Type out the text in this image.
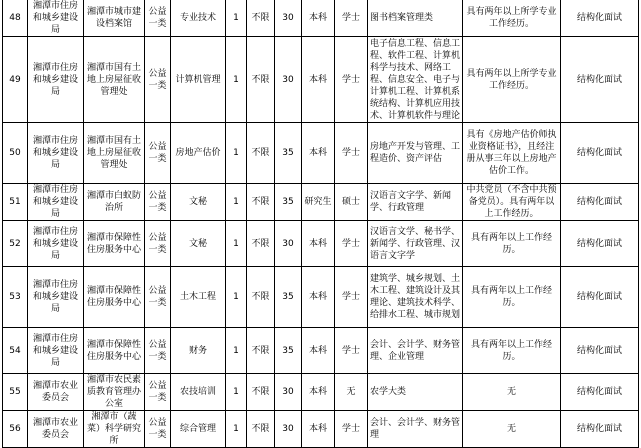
48	湘潭市住房和城乡建设局	湘潭市城市建设档案馆	公益一类	专业技术	1	不限	30	本科	学士	图书档案管理类	具有两年以上所学专业工作经历。	结构化面试
49	湘潭市住房和城乡建设局	湘潭市国有土地上房屋征收管理处	公益一类	计算机管理	1	不限	30	本科	学士	电子信息工程、信息工程、软件工程、计算机科学与技术、网络工程、信息安全、电子与计算机工程、计算机系统结构、计算机应用技术、计算机软件与理论	具有两年以上所学专业工作经历。	结构化面试
50	湘潭市住房和城乡建设局	湘潭市国有土地上房屋征收管理处	公益一类	房地产估价	1	不限	35	本科	学士	房地产开发与管理、工程造价、资产评估	具有《房地产估价师执业资格证书》，且经注册从事三年以上房地产估价工作。	结构化面试
51	湘潭市住房和城乡建设局	湘潭市白蚁防治所	公益一类	文秘	1	不限	35	研究生	硕士	汉语言文字学、新闻学、行政管理	中共党员（不含中共预备党员）。具有两年以上工作经历。	结构化面试
52	湘潭市住房和城乡建设局	湘潭市保障性住房服务中心	公益一类	文秘	1	不限	30	本科	学士	汉语言文学、秘书学、新闻学、行政管理、汉语言文字学	具有两年以上工作经历。	结构化面试
53	湘潭市住房和城乡建设局	湘潭市保障性住房服务中心	公益一类	土木工程	1	不限	35	本科	学士	建筑学、城乡规划、土木工程、建筑设计及其理论、建筑技术科学、给排水工程、城市规划	具有两年以上工作经历。	结构化面试
54	湘潭市住房和城乡建设局	湘潭市保障性住房服务中心	公益一类	财务	1	不限	35	本科	学士	会计、会计学、财务管理、企业管理	具有两年以上工作经历。	结构化面试
55	湘潭市农业委员会	湘潭市农民素质教育管理办公室	公益一类	农技培训	1	不限	30	本科	无	农学大类	无	结构化面试
56	湘潭市农业委员会	湘潭市（蔬菜）科学研究所	公益一类	综合管理	1	不限	30	本科	学士	会计、会计学、财务管理	无	结构化面试
